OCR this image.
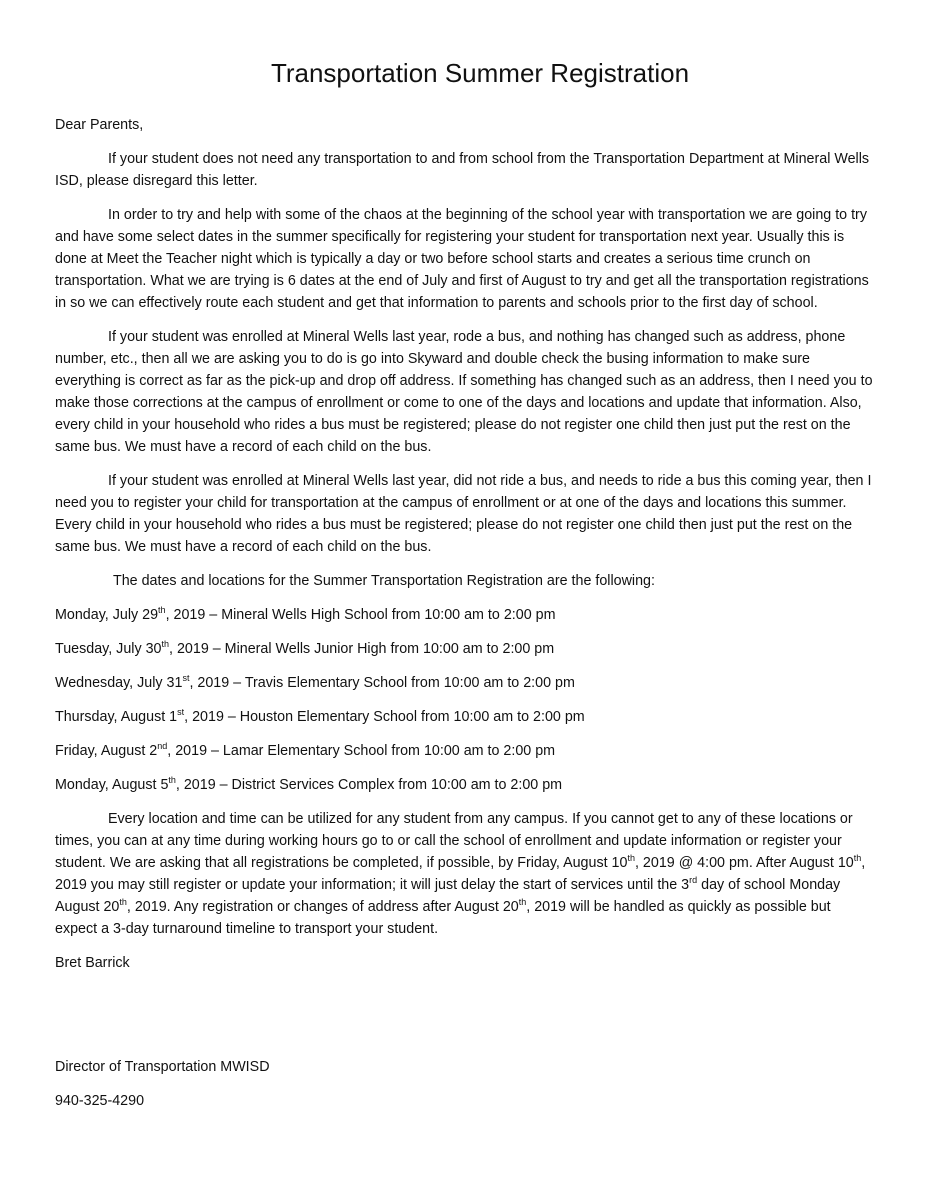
Transportation Summer Registration

Dear Parents,

If your student does not need any transportation to and from school from the Transportation Department at Mineral Wells ISD, please disregard this letter.

In order to try and help with some of the chaos at the beginning of the school year with transportation we are going to try and have some select dates in the summer specifically for registering your student for transportation next year. Usually this is done at Meet the Teacher night which is typically a day or two before school starts and creates a serious time crunch on transportation. What we are trying is 6 dates at the end of July and first of August to try and get all the transportation registrations in so we can effectively route each student and get that information to parents and schools prior to the first day of school.

If your student was enrolled at Mineral Wells last year, rode a bus, and nothing has changed such as address, phone number, etc., then all we are asking you to do is go into Skyward and double check the busing information to make sure everything is correct as far as the pick-up and drop off address. If something has changed such as an address, then I need you to make those corrections at the campus of enrollment or come to one of the days and locations and update that information. Also, every child in your household who rides a bus must be registered; please do not register one child then just put the rest on the same bus. We must have a record of each child on the bus.

If your student was enrolled at Mineral Wells last year, did not ride a bus, and needs to ride a bus this coming year, then I need you to register your child for transportation at the campus of enrollment or at one of the days and locations this summer. Every child in your household who rides a bus must be registered; please do not register one child then just put the rest on the same bus. We must have a record of each child on the bus.

The dates and locations for the Summer Transportation Registration are the following:

Monday, July 29th, 2019 – Mineral Wells High School from 10:00 am to 2:00 pm

Tuesday, July 30th, 2019 – Mineral Wells Junior High from 10:00 am to 2:00 pm

Wednesday, July 31st, 2019 – Travis Elementary School from 10:00 am to 2:00 pm

Thursday, August 1st, 2019 – Houston Elementary School from 10:00 am to 2:00 pm

Friday, August 2nd, 2019 – Lamar Elementary School from 10:00 am to 2:00 pm

Monday, August 5th, 2019 – District Services Complex from 10:00 am to 2:00 pm

Every location and time can be utilized for any student from any campus. If you cannot get to any of these locations or times, you can at any time during working hours go to or call the school of enrollment and update information or register your student. We are asking that all registrations be completed, if possible, by Friday, August 10th, 2019 @ 4:00 pm. After August 10th, 2019 you may still register or update your information; it will just delay the start of services until the 3rd day of school Monday August 20th, 2019. Any registration or changes of address after August 20th, 2019 will be handled as quickly as possible but expect a 3-day turnaround timeline to transport your student.

Bret Barrick

Director of Transportation MWISD

940-325-4290
